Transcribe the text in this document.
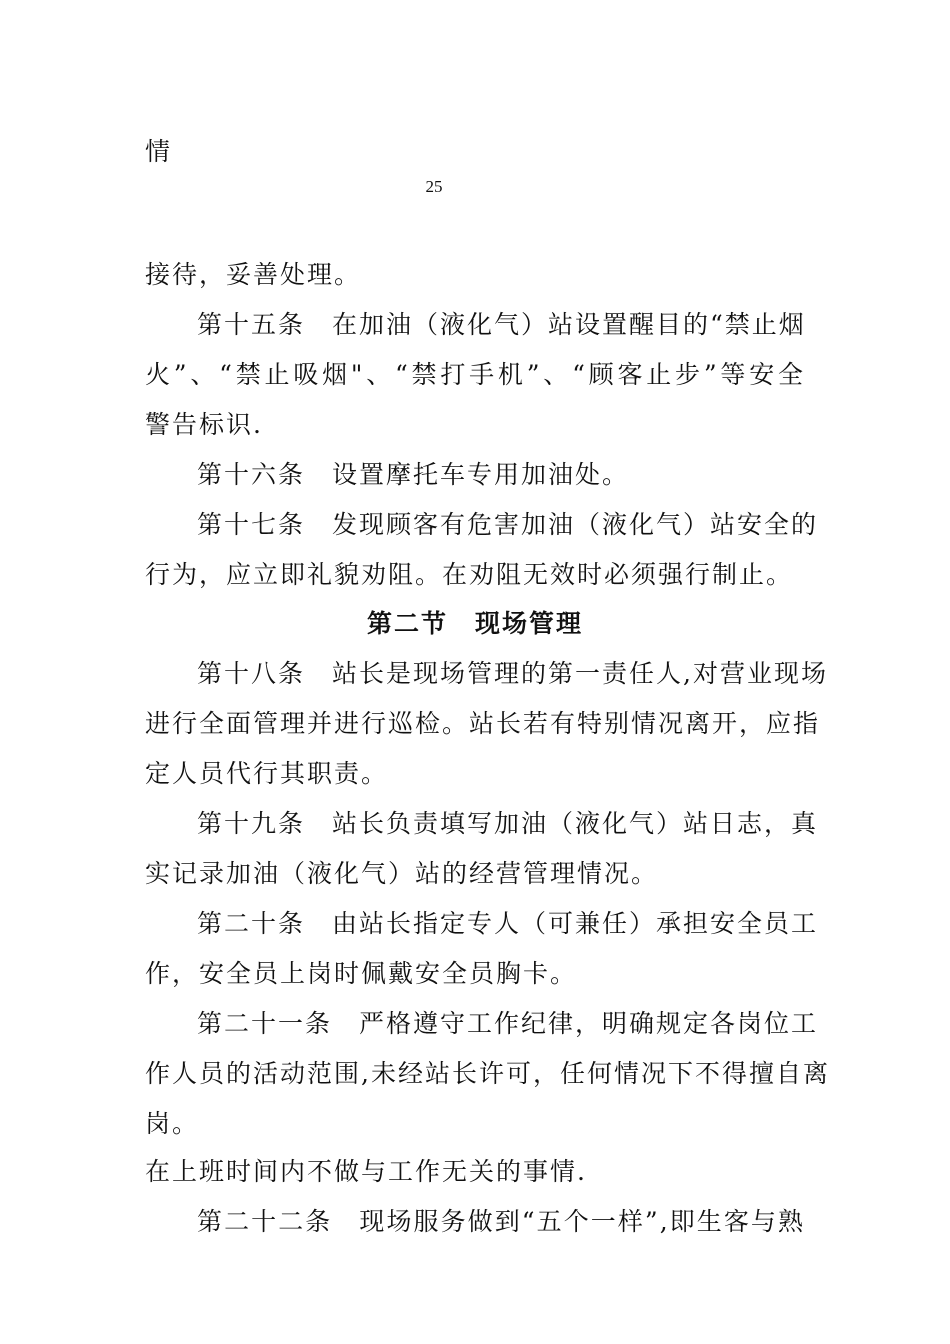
情
25
接待，妥善处理。
第十五条　在加油（液化气）站设置醒目的“禁止烟
火”、“禁止吸烟"、“禁打手机”、“顾客止步”等安全
警告标识.
第十六条　设置摩托车专用加油处。
第十七条　发现顾客有危害加油（液化气）站安全的
行为，应立即礼貌劝阻。在劝阻无效时必须强行制止。
第二节　现场管理
第十八条　站长是现场管理的第一责任人,对营业现场
进行全面管理并进行巡检。站长若有特别情况离开，应指
定人员代行其职责。
第十九条　站长负责填写加油（液化气）站日志，真
实记录加油（液化气）站的经营管理情况。
第二十条　由站长指定专人（可兼任）承担安全员工
作，安全员上岗时佩戴安全员胸卡。
第二十一条　严格遵守工作纪律，明确规定各岗位工
作人员的活动范围,未经站长许可，任何情况下不得擅自离
岗。
在上班时间内不做与工作无关的事情.
第二十二条　现场服务做到“五个一样”,即生客与熟
